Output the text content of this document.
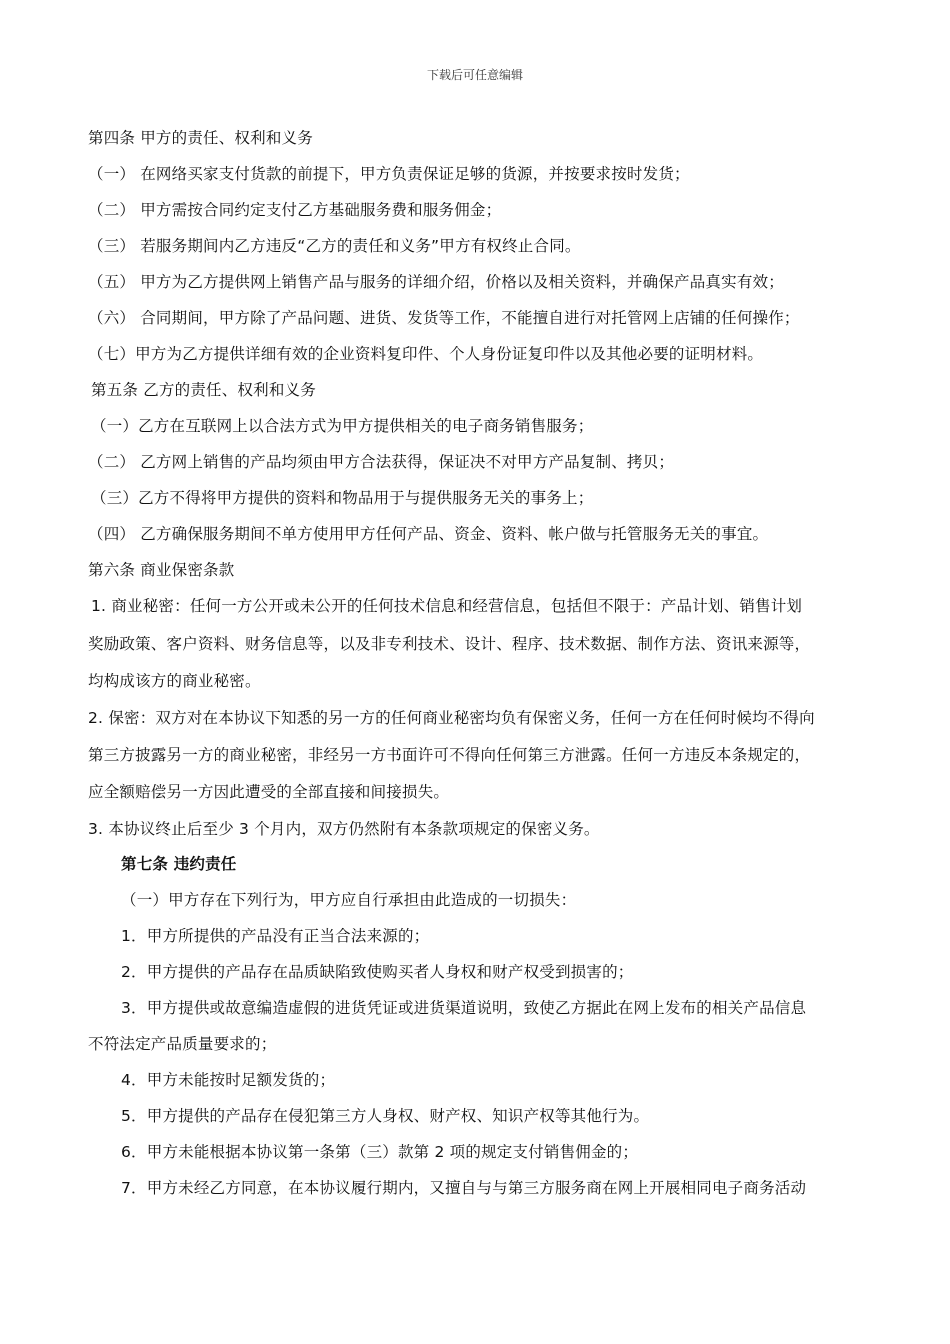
下载后可任意编辑
第四条 甲方的责任、权利和义务
（一） 在网络买家支付货款的前提下，甲方负责保证足够的货源，并按要求按时发货；
（二） 甲方需按合同约定支付乙方基础服务费和服务佣金；
（三） 若服务期间内乙方违反“乙方的责任和义务”甲方有权终止合同。
（五） 甲方为乙方提供网上销售产品与服务的详细介绍，价格以及相关资料，并确保产品真实有效；
（六） 合同期间，甲方除了产品问题、进货、发货等工作，不能擅自进行对托管网上店铺的任何操作；
（七）甲方为乙方提供详细有效的企业资料复印件、个人身份证复印件以及其他必要的证明材料。
第五条 乙方的责任、权利和义务
（一）乙方在互联网上以合法方式为甲方提供相关的电子商务销售服务；
（二） 乙方网上销售的产品均须由甲方合法获得，保证决不对甲方产品复制、拷贝；
（三）乙方不得将甲方提供的资料和物品用于与提供服务无关的事务上；
（四） 乙方确保服务期间不单方使用甲方任何产品、资金、资料、帐户做与托管服务无关的事宜。
第六条 商业保密条款
1. 商业秘密：任何一方公开或未公开的任何技术信息和经营信息，包括但不限于：产品计划、销售计划
奖励政策、客户资料、财务信息等，以及非专利技术、设计、程序、技术数据、制作方法、资讯来源等，
均构成该方的商业秘密。
2. 保密：双方对在本协议下知悉的另一方的任何商业秘密均负有保密义务，任何一方在任何时候均不得向
第三方披露另一方的商业秘密，非经另一方书面许可不得向任何第三方泄露。任何一方违反本条规定的，
应全额赔偿另一方因此遭受的全部直接和间接损失。
3. 本协议终止后至少 3 个月内，双方仍然附有本条款项规定的保密义务。
第七条 违约责任
（一）甲方存在下列行为，甲方应自行承担由此造成的一切损失：
1．甲方所提供的产品没有正当合法来源的；
2．甲方提供的产品存在品质缺陷致使购买者人身权和财产权受到损害的；
3．甲方提供或故意编造虚假的进货凭证或进货渠道说明，致使乙方据此在网上发布的相关产品信息
不符法定产品质量要求的；
4．甲方未能按时足额发货的；
5．甲方提供的产品存在侵犯第三方人身权、财产权、知识产权等其他行为。
6．甲方未能根据本协议第一条第（三）款第 2 项的规定支付销售佣金的；
7．甲方未经乙方同意，在本协议履行期内，又擅自与与第三方服务商在网上开展相同电子商务活动
